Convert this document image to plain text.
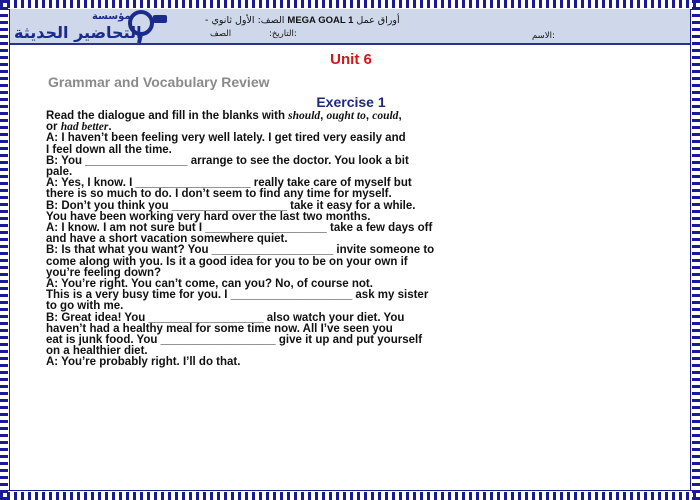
مؤسسة
التحاضير الحديثة
- الصف: الأول ثانوي MEGA GOAL 1 أوراق عمل
التاريخ:              الصف:	الاسم:
Unit 6
Grammar and Vocabulary Review
Exercise 1

Read the dialogue and fill in the blanks with should, ought to, could,

or had better.

A: I haven’t been feeling very well lately. I get tired very easily and

I feel down all the time.

B: You ________________ arrange to see the doctor. You look a bit

pale.

A: Yes, I know. I __________________ really take care of myself but

there is so much to do. I don’t seem to find any time for myself.

B: Don’t you think you __________________ take it easy for a while.

You have been working very hard over the last two months.

A: I know. I am not sure but I ___________________ take a few days off

and have a short vacation somewhere quiet.

B: Is that what you want? You ___________________ invite someone to

come along with you. Is it a good idea for you to be on your own if

you’re feeling down?

A: You’re right. You can’t come, can you? No, of course not.

This is a very busy time for you. I ___________________ ask my sister

to go with me.

B: Great idea! You __________________ also watch your diet. You

haven’t had a healthy meal for some time now. All I’ve seen you

eat is junk food. You __________________ give it up and put yourself

on a healthier diet.

A: You’re probably right. I’ll do that.
